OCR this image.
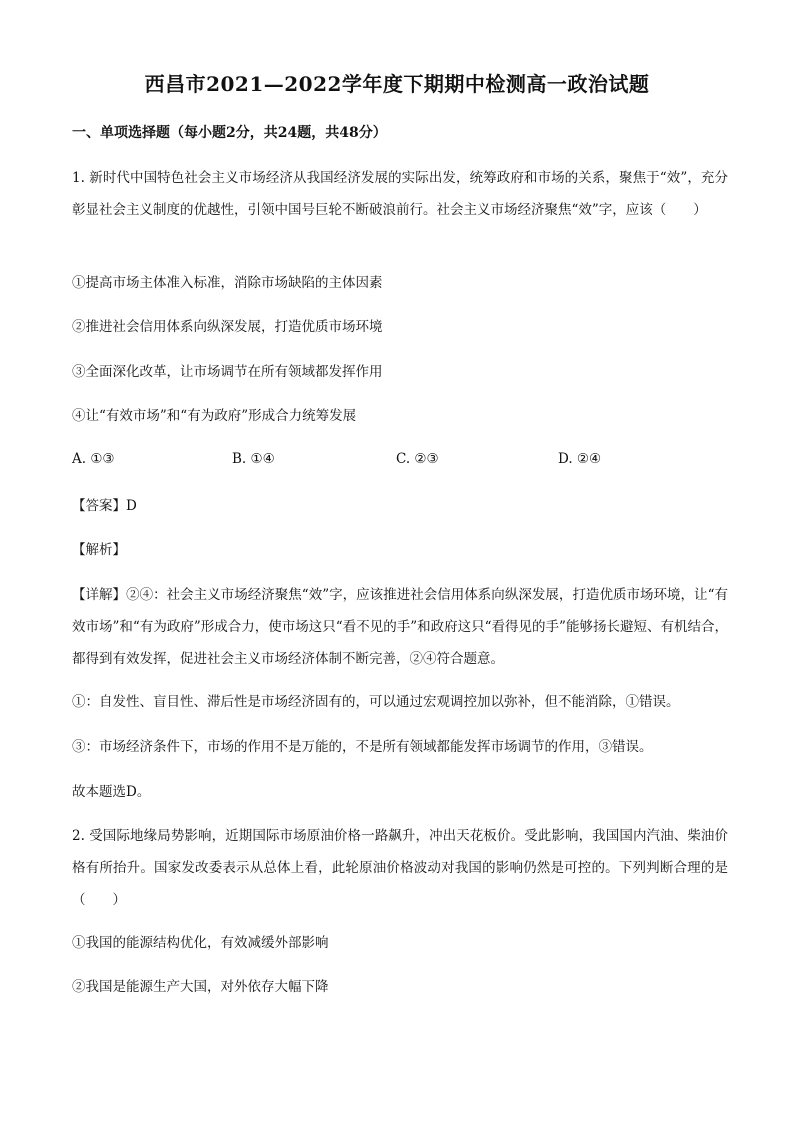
西昌市2021—2022学年度下期期中检测高一政治试题
一、单项选择题（每小题2分，共24题，共48分）
1. 新时代中国特色社会主义市场经济从我国经济发展的实际出发，统筹政府和市场的关系，聚焦于“效”，充分彰显社会主义制度的优越性，引领中国号巨轮不断破浪前行。社会主义市场经济聚焦“效”字，应该（　　）
①提高市场主体准入标准，消除市场缺陷的主体因素
②推进社会信用体系向纵深发展，打造优质市场环境
③全面深化改革，让市场调节在所有领域都发挥作用
④让“有效市场”和“有为政府”形成合力统筹发展
A. ①③	B. ①④	C. ②③	D. ②④
【答案】D
【解析】
【详解】②④：社会主义市场经济聚焦“效”字，应该推进社会信用体系向纵深发展，打造优质市场环境，让“有效市场”和“有为政府”形成合力，使市场这只“看不见的手”和政府这只“看得见的手”能够扬长避短、有机结合，都得到有效发挥，促进社会主义市场经济体制不断完善，②④符合题意。
①：自发性、盲目性、滞后性是市场经济固有的，可以通过宏观调控加以弥补，但不能消除，①错误。
③：市场经济条件下，市场的作用不是万能的，不是所有领域都能发挥市场调节的作用，③错误。
故本题选D。
2. 受国际地缘局势影响，近期国际市场原油价格一路飙升，冲出天花板价。受此影响，我国国内汽油、柴油价格有所抬升。国家发改委表示从总体上看，此轮原油价格波动对我国的影响仍然是可控的。下列判断合理的是（　　）
①我国的能源结构优化，有效减缓外部影响
②我国是能源生产大国，对外依存大幅下降
